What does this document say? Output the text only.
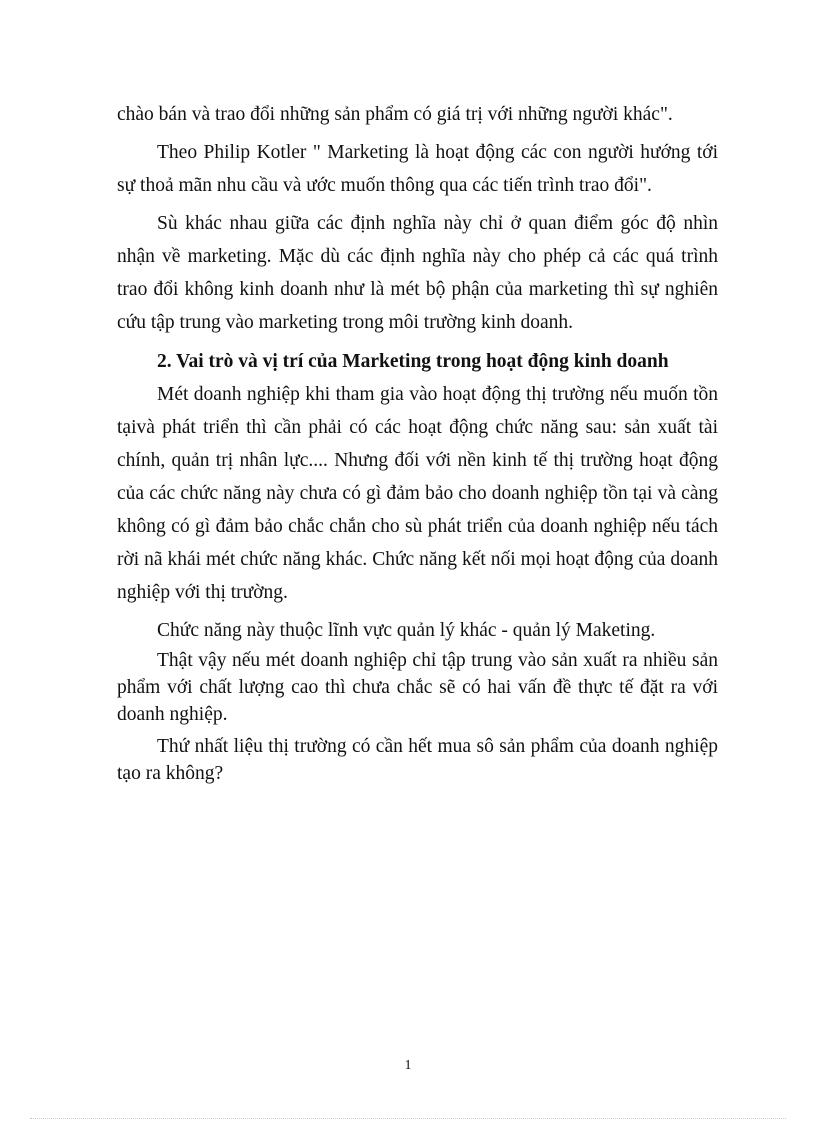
chào bán và trao đổi những sản phẩm có giá trị với những người khác".

Theo Philip Kotler " Marketing là hoạt động các con người hướng tới sự thoả mãn nhu cầu và ước muốn thông qua các tiến trình trao đổi".

Sù khác nhau giữa các định nghĩa này chỉ ở quan điểm góc độ nhìn nhận về marketing. Mặc dù các định nghĩa này cho phép cả các quá trình trao đổi không kinh doanh như là mét bộ phận của marketing thì sự nghiên cứu tập trung vào marketing trong môi trường kinh doanh.

2. Vai trò và vị trí của Marketing trong hoạt động kinh doanh

Mét doanh nghiệp khi tham gia vào hoạt động thị trường nếu muốn tồn tạivà phát triển thì cần phải có các hoạt động chức năng sau: sản xuất tài chính, quản trị nhân lực.... Nhưng đối với nền kinh tế thị trường hoạt động của các chức năng này chưa có gì đảm bảo cho doanh nghiệp tồn tại và càng không có gì đảm bảo chắc chắn cho sù phát triển của doanh nghiệp nếu tách rời nã khái mét chức năng khác. Chức năng kết nối mọi hoạt động của doanh nghiệp với thị trường.

Chức năng này thuộc lĩnh vực quản lý khác - quản lý Maketing.

Thật vậy nếu mét doanh nghiệp chỉ tập trung vào sản xuất ra nhiều sản phẩm với chất lượng cao thì chưa chắc sẽ có hai vấn đề thực tế đặt ra với doanh nghiệp.

Thứ nhất liệu thị trường có cần hết mua sô sản phẩm của doanh nghiệp tạo ra không?

1
